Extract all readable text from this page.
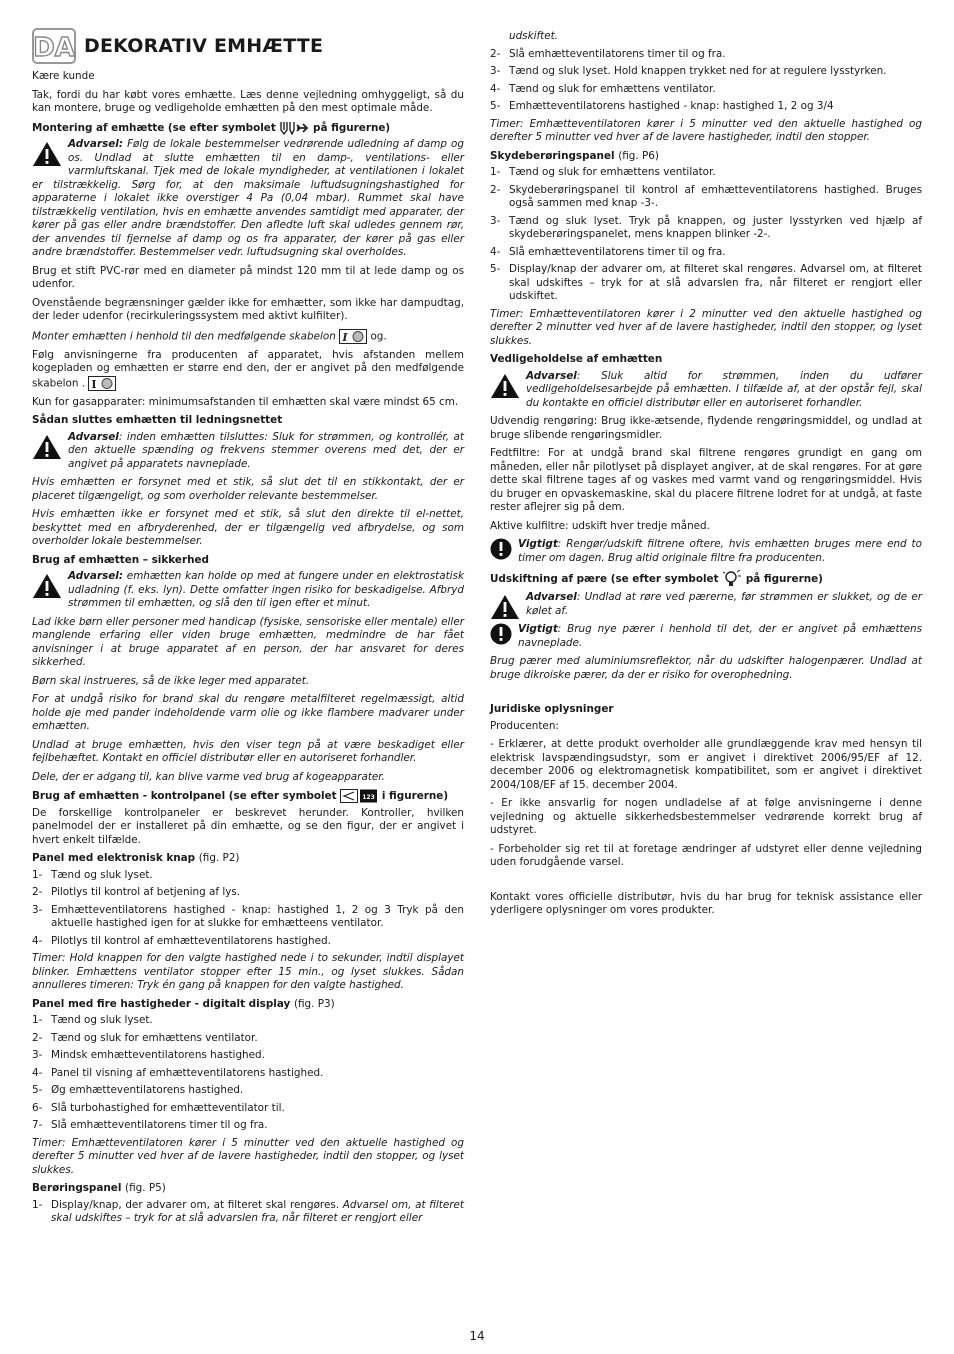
DA DEKORATIV EMHÆTTE

Kære kunde

Tak, fordi du har købt vores emhætte. Læs denne vejledning omhyggeligt, så du kan montere, bruge og vedligeholde emhætten på den mest optimale måde.

Montering af emhætte (se efter symbolet	på figurerne)
Advarsel: Følg de lokale bestemmelser vedrørende udledning af damp og os. Undlad at slutte emhætten til en damp-, ventilations- eller varmluftskanal. Tjek med de lokale myndigheder, at ventilationen i lokalet er tilstrækkelig. Sørg for, at den maksimale luftudsugningshastighed for apparaterne i lokalet ikke overstiger 4 Pa (0,04 mbar). Rummet skal have tilstrækkelig ventilation, hvis en emhætte anvendes samtidigt med apparater, der kører på gas eller andre brændstoffer. Den afledte luft skal udledes gennem rør, der anvendes til fjernelse af damp og os fra apparater, der kører på gas eller andre brændstoffer. Bestemmelser vedr. luftudsugning skal overholdes.

Brug et stift PVC-rør med en diameter på mindst 120 mm til at lede damp og os udenfor.

Ovenstående begrænsninger gælder ikke for emhætter, som ikke har dampudtag, der leder udenfor (recirkuleringssystem med aktivt kulfilter).

Monter emhætten i henhold til den medfølgende skabelon I og.

Følg anvisningerne fra producenten af apparatet, hvis afstanden mellem kogepladen og emhætten er større end den, der er angivet på den medfølgende skabelon . I

Kun for gasapparater: minimumsafstanden til emhætten skal være mindst 65 cm.

Sådan sluttes emhætten til ledningsnettet
Advarsel: inden emhætten tilsluttes: Sluk for strømmen, og kontrollér, at den aktuelle spænding og frekvens stemmer overens med det, der er angivet på apparatets navneplade.

Hvis emhætten er forsynet med et stik, så slut det til en stikkontakt, der er placeret tilgængeligt, og som overholder relevante bestemmelser.

Hvis emhætten ikke er forsynet med et stik, så slut den direkte til el-nettet, beskyttet med en afbryderenhed, der er tilgængelig ved afbrydelse, og som overholder lokale bestemmelser.

Brug af emhætten – sikkerhed
Advarsel: emhætten kan holde op med at fungere under en elektrostatisk udladning (f. eks. lyn). Dette omfatter ingen risiko for beskadigelse. Afbryd strømmen til emhætten, og slå den til igen efter et minut.

Lad ikke børn eller personer med handicap (fysiske, sensoriske eller mentale) eller manglende erfaring eller viden bruge emhætten, medmindre de har fået anvisninger i at bruge apparatet af en person, der har ansvaret for deres sikkerhed.

Børn skal instrueres, så de ikke leger med apparatet.

For at undgå risiko for brand skal du rengøre metalfilteret regelmæssigt, altid holde øje med pander indeholdende varm olie og ikke flambere madvarer under emhætten.

Undlad at bruge emhætten, hvis den viser tegn på at være beskadiget eller fejlbehæftet. Kontakt en officiel distributør eller en autoriseret forhandler.

Dele, der er adgang til, kan blive varme ved brug af kogeapparater.

Brug af emhætten - kontrolpanel (se efter symbolet	123 i figurerne)

De forskellige kontrolpaneler er beskrevet herunder. Kontroller, hvilken panelmodel der er installeret på din emhætte, og se den figur, der er angivet i hvert enkelt tilfælde.

Panel med elektronisk knap (fig. P2)
1- Tænd og sluk lyset.
2- Pilotlys til kontrol af betjening af lys.
3- Emhætteventilatorens hastighed - knap: hastighed 1, 2 og 3 Tryk på den aktuelle hastighed igen for at slukke for emhætteens ventilator.
4- Pilotlys til kontrol af emhætteventilatorens hastighed.

Timer: Hold knappen for den valgte hastighed nede i to sekunder, indtil displayet blinker. Emhættens ventilator stopper efter 15 min., og lyset slukkes. Sådan annulleres timeren: Tryk én gang på knappen for den valgte hastighed.

Panel med fire hastigheder - digitalt display (fig. P3)
1- Tænd og sluk lyset.
2- Tænd og sluk for emhættens ventilator.
3- Mindsk emhætteventilatorens hastighed.
4- Panel til visning af emhætteventilatorens hastighed.
5- Øg emhætteventilatorens hastighed.
6- Slå turbohastighed for emhætteventilator til.
7- Slå emhætteventilatorens timer til og fra.

Timer: Emhætteventilatoren kører i 5 minutter ved den aktuelle hastighed og derefter 5 minutter ved hver af de lavere hastigheder, indtil den stopper, og lyset slukkes.

Berøringspanel (fig. P5)
1- Display/knap, der advarer om, at filteret skal rengøres. Advarsel om, at filteret skal udskiftes – tryk for at slå advarslen fra, når filteret er rengjort eller
udskiftet.
2- Slå emhætteventilatorens timer til og fra.
3- Tænd og sluk lyset. Hold knappen trykket ned for at regulere lysstyrken.
4- Tænd og sluk for emhættens ventilator.
5- Emhætteventilatorens hastighed - knap: hastighed 1, 2 og 3/4

Timer: Emhætteventilatoren kører i 5 minutter ved den aktuelle hastighed og derefter 5 minutter ved hver af de lavere hastigheder, indtil den stopper.

Skydeberøringspanel (fig. P6)
1- Tænd og sluk for emhættens ventilator.
2- Skydeberøringspanel til kontrol af emhætteventilatorens hastighed. Bruges også sammen med knap -3-.
3- Tænd og sluk lyset. Tryk på knappen, og juster lysstyrken ved hjælp af skydeberøringspanelet, mens knappen blinker -2-.
4- Slå emhætteventilatorens timer til og fra.
5- Display/knap der advarer om, at filteret skal rengøres. Advarsel om, at filteret skal udskiftes – tryk for at slå advarslen fra, når filteret er rengjort eller udskiftet.

Timer: Emhætteventilatoren kører i 2 minutter ved den aktuelle hastighed og derefter 2 minutter ved hver af de lavere hastigheder, indtil den stopper, og lyset slukkes.

Vedligeholdelse af emhætten
Advarsel: Sluk altid for strømmen, inden du udfører vedligeholdelsesarbejde på emhætten. I tilfælde af, at der opstår fejl, skal du kontakte en officiel distributør eller en autoriseret forhandler.

Udvendig rengøring: Brug ikke-ætsende, flydende rengøringsmiddel, og undlad at bruge slibende rengøringsmidler.

Fedtfiltre: For at undgå brand skal filtrene rengøres grundigt en gang om måneden, eller når pilotlyset på displayet angiver, at de skal rengøres. For at gøre dette skal filtrene tages af og vaskes med varmt vand og rengøringsmiddel. Hvis du bruger en opvaskemaskine, skal du placere filtrene lodret for at undgå, at faste rester aflejrer sig på dem.

Aktive kulfiltre: udskift hver tredje måned.

Vigtigt: Rengør/udskift filtrene oftere, hvis emhætten bruges mere end to timer om dagen. Brug altid originale filtre fra producenten.
Udskiftning af pære (se efter symbolet	på figurerne)
Advarsel: Undlad at røre ved pærerne, før strømmen er slukket, og de er kølet af.
Vigtigt: Brug nye pærer i henhold til det, der er angivet på emhættens navneplade.

Brug pærer med aluminiumsreflektor, når du udskifter halogenpærer. Undlad at bruge dikroiske pærer, da der er risiko for overophedning.

Juridiske oplysninger

Producenten:

- Erklærer, at dette produkt overholder alle grundlæggende krav med hensyn til elektrisk lavspændingsudstyr, som er angivet i direktivet 2006/95/EF af 12. december 2006 og elektromagnetisk kompatibilitet, som er angivet i direktivet 2004/108/EF af 15. december 2004.

- Er ikke ansvarlig for nogen undladelse af at følge anvisningerne i denne vejledning og aktuelle sikkerhedsbestemmelser vedrørende korrekt brug af udstyret.

- Forbeholder sig ret til at foretage ændringer af udstyret eller denne vejledning uden forudgående varsel.

Kontakt vores officielle distributør, hvis du har brug for teknisk assistance eller yderligere oplysninger om vores produkter.

14
